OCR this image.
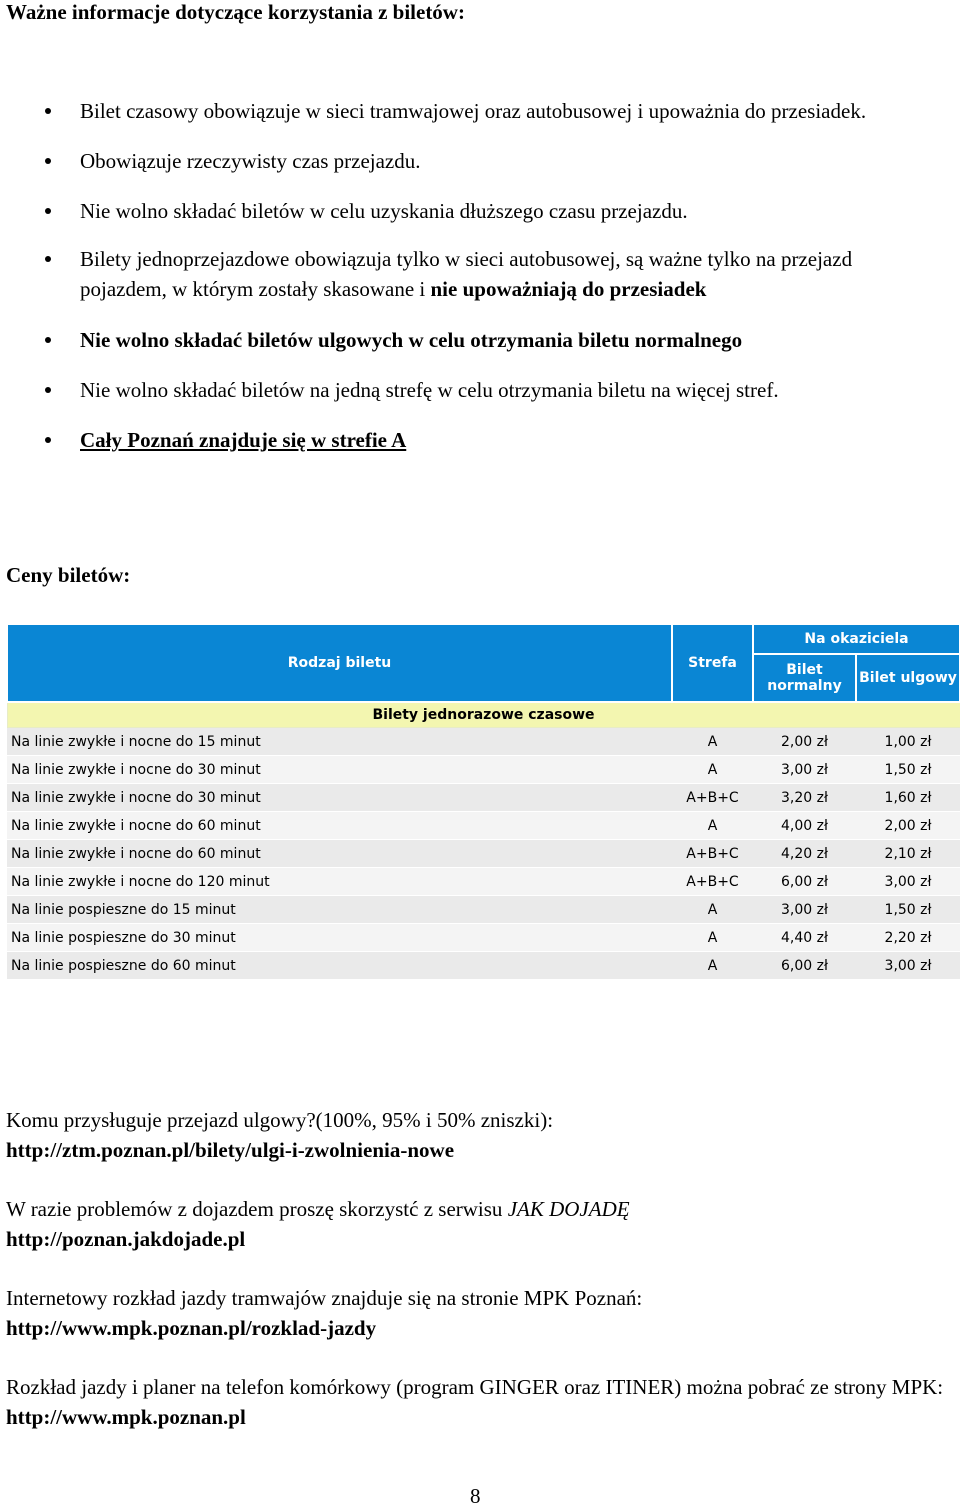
Ważne informacje dotyczące korzystania z biletów:
Bilet czasowy obowiązuje w sieci tramwajowej oraz autobusowej i upoważnia do przesiadek.
Obowiązuje rzeczywisty czas przejazdu.
Nie wolno składać biletów w celu uzyskania dłuższego czasu przejazdu.
Bilety jednoprzejazdowe obowiązuja tylko w sieci autobusowej, są ważne tylko na przejazd pojazdem, w którym zostały skasowane i nie upoważniają do przesiadek
Nie wolno składać biletów ulgowych w celu otrzymania biletu normalnego
Nie wolno składać biletów na jedną strefę w celu otrzymania biletu na więcej stref.
Cały Poznań znajduje się w strefie A
Ceny biletów:
Rodzaj biletu	Strefa	Na okaziciela	
		Bilet normalny	Bilet ulgowy
Bilety jednorazowe czasowe			
Na linie zwykłe i nocne do 15 minut	A	2,00 zł	1,00 zł
Na linie zwykłe i nocne do 30 minut	A	3,00 zł	1,50 zł
Na linie zwykłe i nocne do 30 minut	A+B+C	3,20 zł	1,60 zł
Na linie zwykłe i nocne do 60 minut	A	4,00 zł	2,00 zł
Na linie zwykłe i nocne do 60 minut	A+B+C	4,20 zł	2,10 zł
Na linie zwykłe i nocne do 120 minut	A+B+C	6,00 zł	3,00 zł
Na linie pospieszne do 15 minut	A	3,00 zł	1,50 zł
Na linie pospieszne do 30 minut	A	4,40 zł	2,20 zł
Na linie pospieszne do 60 minut	A	6,00 zł	3,00 zł

Komu przysługuje przejazd ulgowy?(100%, 95% i 50% zniszki):
http://ztm.poznan.pl/bilety/ulgi-i-zwolnienia-nowe

W razie problemów z dojazdem proszę skorzystć z serwisu JAK DOJADĘ
http://poznan.jakdojade.pl

Internetowy rozkład jazdy tramwajów znajduje się na stronie MPK Poznań:
http://www.mpk.poznan.pl/rozklad-jazdy

Rozkład jazdy i planer na telefon komórkowy (program GINGER oraz ITINER) można pobrać ze strony MPK:
http://www.mpk.poznan.pl

8
